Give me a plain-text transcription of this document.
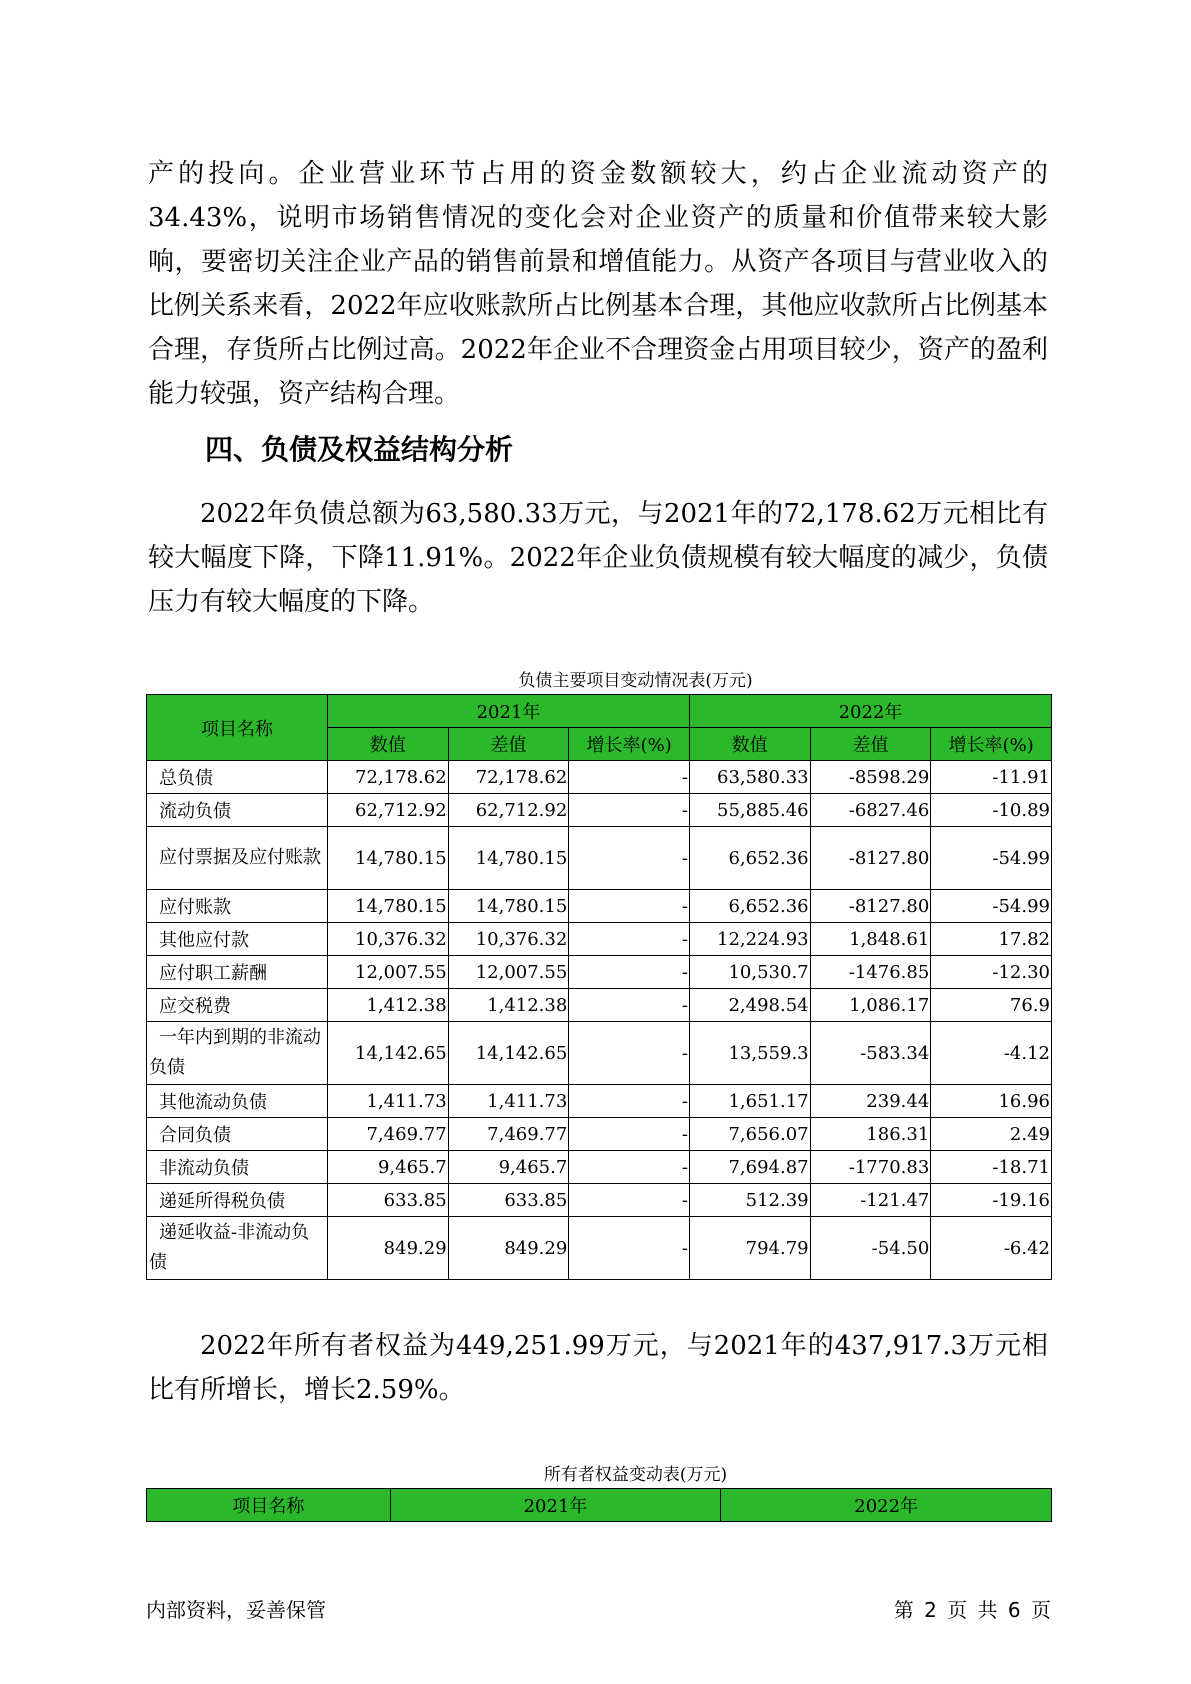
产的投向。企业营业环节占用的资金数额较大，约占企业流动资产的34.43%，说明市场销售情况的变化会对企业资产的质量和价值带来较大影响，要密切关注企业产品的销售前景和增值能力。从资产各项目与营业收入的比例关系来看，2022年应收账款所占比例基本合理，其他应收款所占比例基本合理，存货所占比例过高。2022年企业不合理资金占用项目较少，资产的盈利能力较强，资产结构合理。

四、负债及权益结构分析

2022年负债总额为63,580.33万元，与2021年的72,178.62万元相比有较大幅度下降，下降11.91%。2022年企业负债规模有较大幅度的减少，负债压力有较大幅度的下降。

负债主要项目变动情况表(万元)
项目名称	2021年			2022年		
	数值	差值	增长率(%)	数值	差值	增长率(%)
总负债	72,178.62	72,178.62	-	63,580.33	-8598.29	-11.91
流动负债	62,712.92	62,712.92	-	55,885.46	-6827.46	-10.89
应付票据及应付账款	14,780.15	14,780.15	-	6,652.36	-8127.80	-54.99
应付账款	14,780.15	14,780.15	-	6,652.36	-8127.80	-54.99
其他应付款	10,376.32	10,376.32	-	12,224.93	1,848.61	17.82
应付职工薪酬	12,007.55	12,007.55	-	10,530.7	-1476.85	-12.30
应交税费	1,412.38	1,412.38	-	2,498.54	1,086.17	76.9
一年内到期的非流动负债	14,142.65	14,142.65	-	13,559.3	-583.34	-4.12
其他流动负债	1,411.73	1,411.73	-	1,651.17	239.44	16.96
合同负债	7,469.77	7,469.77	-	7,656.07	186.31	2.49
非流动负债	9,465.7	9,465.7	-	7,694.87	-1770.83	-18.71
递延所得税负债	633.85	633.85	-	512.39	-121.47	-19.16
递延收益-非流动负债	849.29	849.29	-	794.79	-54.50	-6.42

2022年所有者权益为449,251.99万元，与2021年的437,917.3万元相比有所增长，增长2.59%。

所有者权益变动表(万元)
项目名称	2021年	2022年
内部资料，妥善保管	第 2 页 共 6 页
